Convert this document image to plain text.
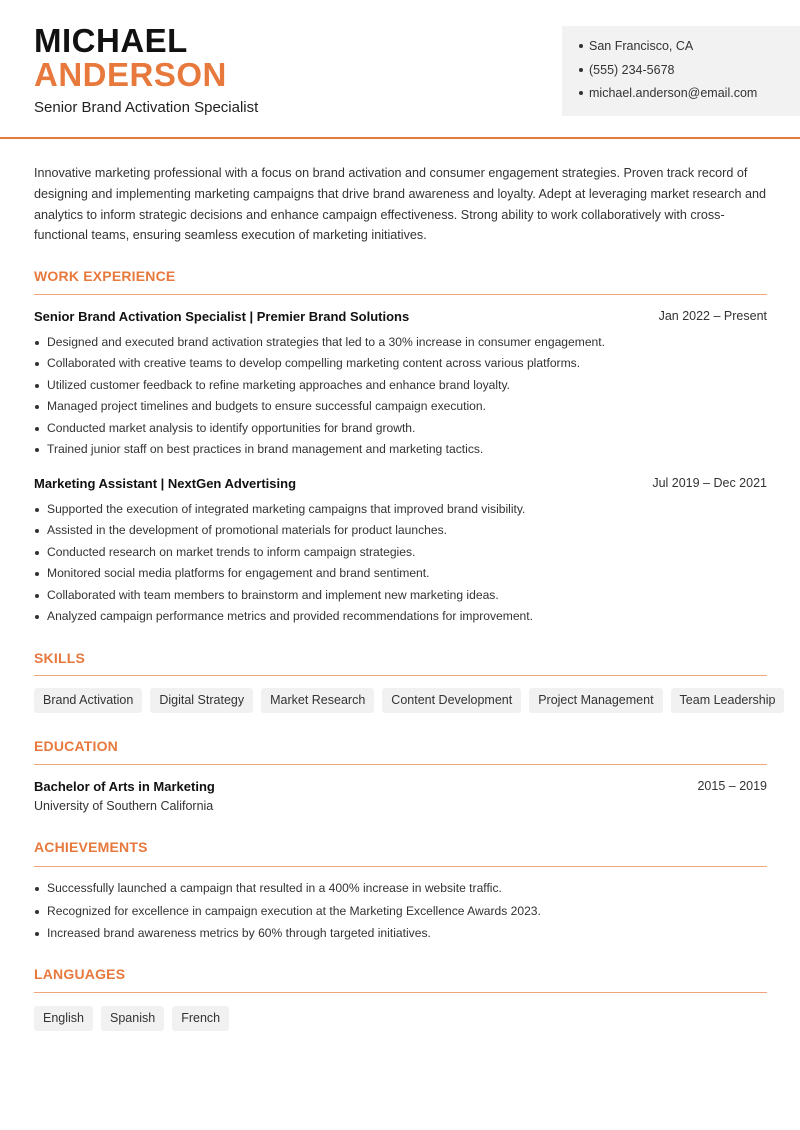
MICHAEL
ANDERSON
Senior Brand Activation Specialist
San Francisco, CA
(555) 234-5678
michael.anderson@email.com
Innovative marketing professional with a focus on brand activation and consumer engagement strategies. Proven track record of designing and implementing marketing campaigns that drive brand awareness and loyalty. Adept at leveraging market research and analytics to inform strategic decisions and enhance campaign effectiveness. Strong ability to work collaboratively with cross-functional teams, ensuring seamless execution of marketing initiatives.
WORK EXPERIENCE
Senior Brand Activation Specialist | Premier Brand Solutions	Jan 2022 – Present
Designed and executed brand activation strategies that led to a 30% increase in consumer engagement.
Collaborated with creative teams to develop compelling marketing content across various platforms.
Utilized customer feedback to refine marketing approaches and enhance brand loyalty.
Managed project timelines and budgets to ensure successful campaign execution.
Conducted market analysis to identify opportunities for brand growth.
Trained junior staff on best practices in brand management and marketing tactics.
Marketing Assistant | NextGen Advertising	Jul 2019 – Dec 2021
Supported the execution of integrated marketing campaigns that improved brand visibility.
Assisted in the development of promotional materials for product launches.
Conducted research on market trends to inform campaign strategies.
Monitored social media platforms for engagement and brand sentiment.
Collaborated with team members to brainstorm and implement new marketing ideas.
Analyzed campaign performance metrics and provided recommendations for improvement.
SKILLS
Brand Activation	Digital Strategy	Market Research	Content Development	Project Management	Team Leadership
EDUCATION
Bachelor of Arts in Marketing	2015 – 2019
University of Southern California
ACHIEVEMENTS
Successfully launched a campaign that resulted in a 400% increase in website traffic.
Recognized for excellence in campaign execution at the Marketing Excellence Awards 2023.
Increased brand awareness metrics by 60% through targeted initiatives.
LANGUAGES
English	Spanish	French
